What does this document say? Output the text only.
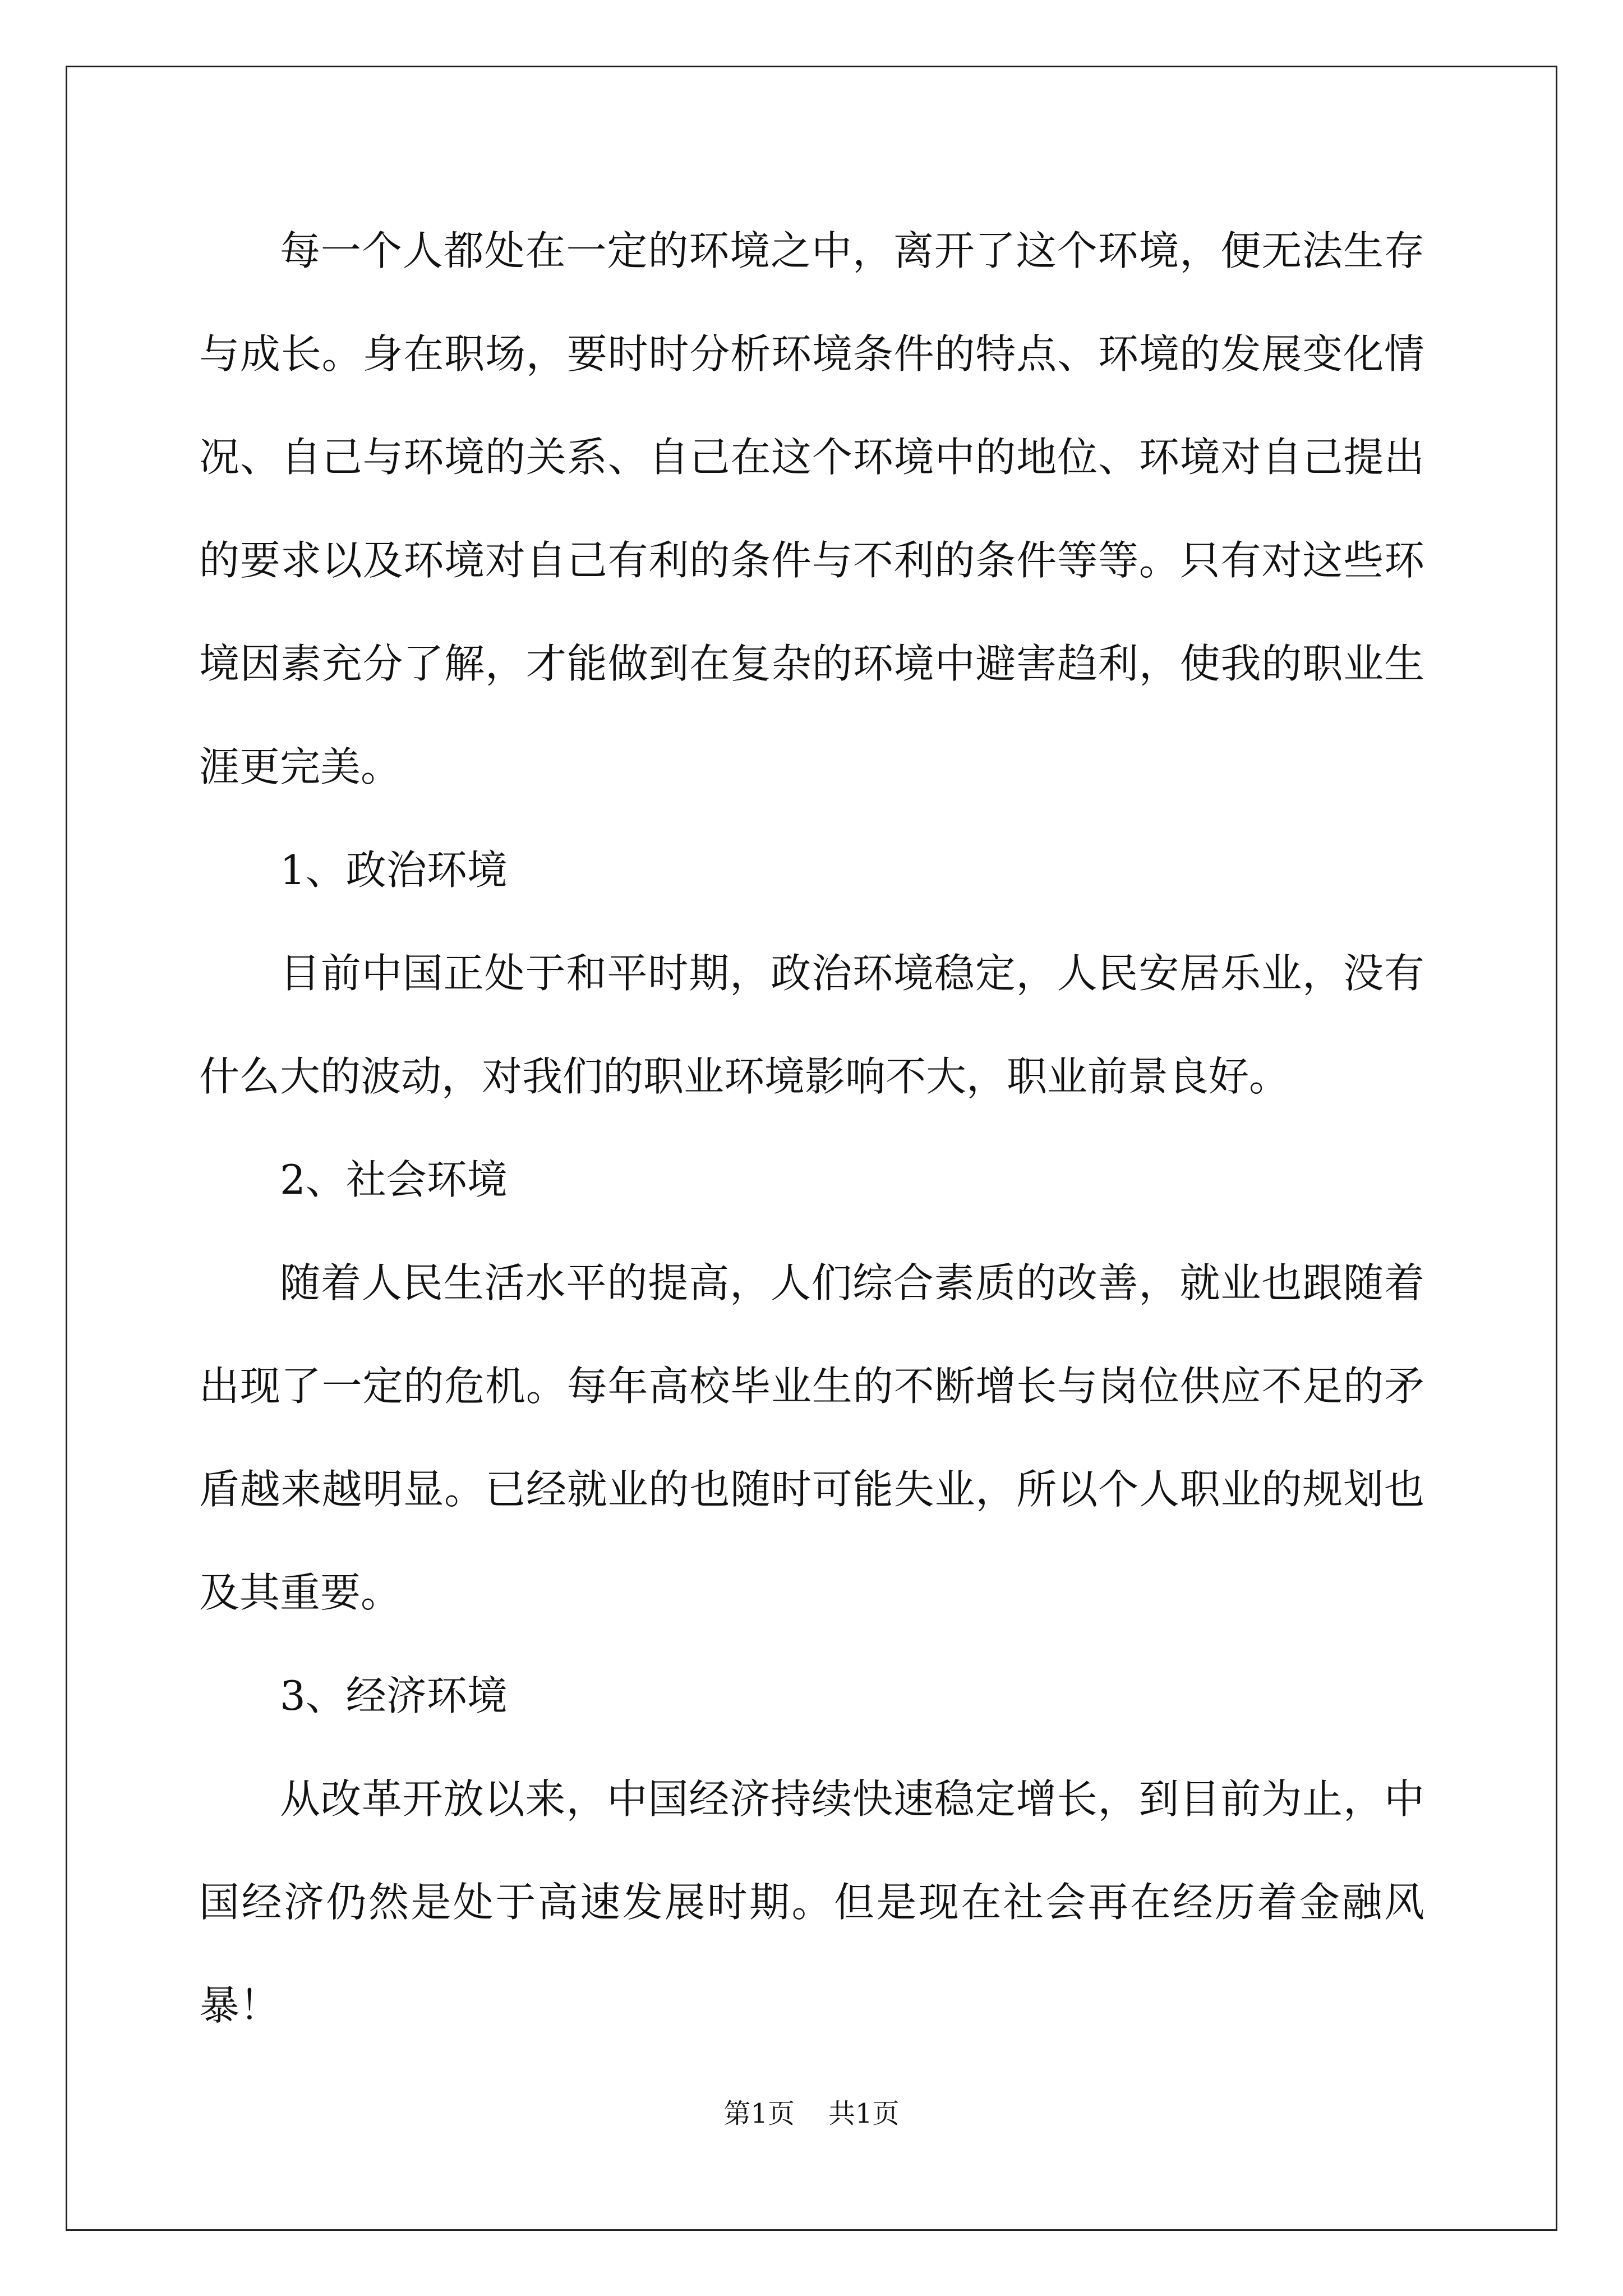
每一个人都处在一定的环境之中，离开了这个环境，便无法生存与成长。身在职场，要时时分析环境条件的特点、环境的发展变化情况、自己与环境的关系、自己在这个环境中的地位、环境对自己提出的要求以及环境对自己有利的条件与不利的条件等等。只有对这些环境因素充分了解，才能做到在复杂的环境中避害趋利，使我的职业生涯更完美。

1、政治环境

目前中国正处于和平时期，政治环境稳定，人民安居乐业，没有什么大的波动，对我们的职业环境影响不大，职业前景良好。

2、社会环境

随着人民生活水平的提高，人们综合素质的改善，就业也跟随着出现了一定的危机。每年高校毕业生的不断增长与岗位供应不足的矛盾越来越明显。已经就业的也随时可能失业，所以个人职业的规划也及其重要。

3、经济环境

从改革开放以来，中国经济持续快速稳定增长，到目前为止，中国经济仍然是处于高速发展时期。但是现在社会再在经历着金融风暴！

第1页 共1页
